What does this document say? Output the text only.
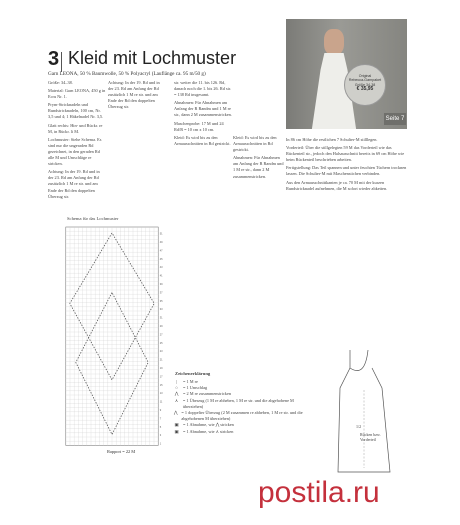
3 Kleid mit Lochmuster
Garn LEONA, 50 % Baumwolle, 50 % Polyacryl (Lauflänge ca. 95 m/50 g)

Größe: 34–38.

Material: Garn LEONA, 450 g in Ecru Nr. 1.

Prym-Stricknadeln und Rundstricknadeln, 100 cm, Nr. 3,5 und 4; 1 Häkelnadel Nr. 3,5.

Glatt rechts: Hin- und Rückr. re M, in Rückr. li M.

Lochmuster: Siehe Schema. Es sind nur die ungeraden Rd gezeichnet, in den geraden Rd alle M und Umschläge re stricken.

Achtung: In der 19. Rd und in der 23. Rd am Anfang der Rd zusätzlich 1 M re str. und am Ende der Rd den doppelten Überzug str.

Achtung: In der 19. Rd und in der 23. Rd am Anfang der Rd zusätzlich 1 M re str. und am Ende der Rd den doppelten Überzug str.

str. weiter die 11. bis 126. Rd, danach noch die 1. bis 26. Rd str. = 138 Rd insgesamt.

Abnahmen: Für Abnahmen am Anfang der R Randm und 1 M re str., dann 2 M zusammenstricken.

Maschenprobe: 17 M und 24 Rd/R = 10 cm x 10 cm.

Kleid: Es wird bis zu den Armausschnitten in Rd gestrickt.

Kleid: Es wird bis zu den Armausschnitten in Rd gestrickt.

Abnahmen: Für Abnahmen am Anfang der R Randm und 1 M re str., dann 2 M zusammenstricken.

Original
Rebecca-Garnpaket
Größe 34-38
€ 35,95
Seite 7

In 86 cm Höhe die restlichen 7 Schulter-M stilllegen.

Vorderteil: Über die stillgelegten 59 M das Vorderteil wie das Rückenteil str., jedoch den Halsausschnitt bereits in 69 cm Höhe wie beim Rückenteil beschrieben arbeiten.

Fertigstellung: Das Teil spannen und unter feuchten Tüchern trocknen lassen. Die Schulter-M mit Maschenstichen verbinden.

Aus den Armausschnittkanten je ca. 70 M mit der kurzen Rundstricknadel aufnehmen, die M sofort wieder abketten.

Schema für das Lochmuster
1
3
5
7
9
11
13
15
17
19
21
23
25
27
29
31
33
35
37
39
41
43
45
47
49
51
Rapport = 22 M
Zeichenerklärung
|	= 1 M re
○	= 1 Umschlag
⋀	= 2 M re zusammenstricken
⋏	= 1 Überzug (1 M re abheben, 1 M re str. und die abgehobene M überziehen)
⋀ = 1 doppelter Überzug (2 M zusammen re abheben, 1 M re str. und die abgehobenen M überziehen)
▣	= 1 Abnahme, wie ⋀ stricken
▣	= 1 Abnahme, wie ⋏ stricken
1/2
Rücken bzw. Vorderteil
postila.ru
